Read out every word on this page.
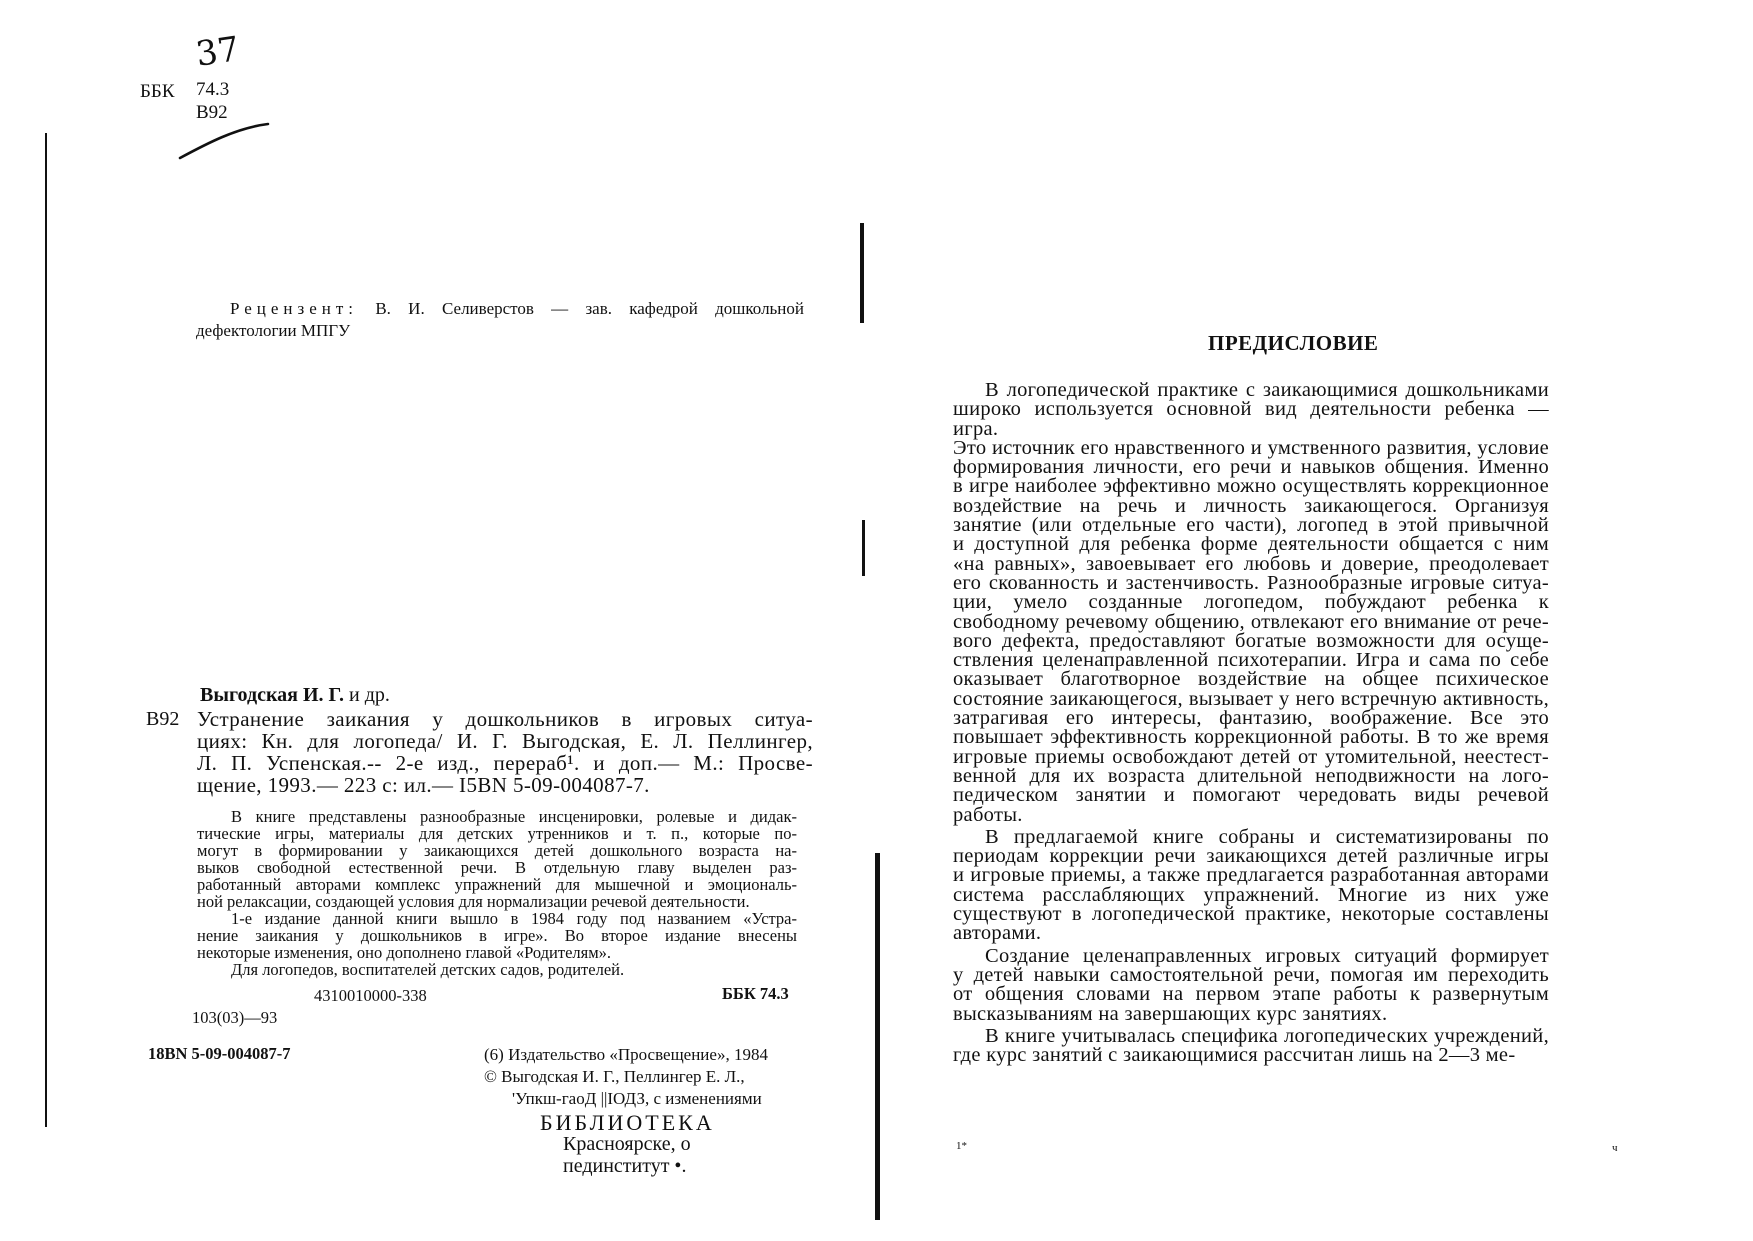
37
ББК 74.3
В92
Рецензент: В. И. Селиверстов — зав. кафедрой дошкольной
дефектологии МПГУ
Выгодская И. Г. и др.
В92 Устранение заикания у дошкольников в игровых ситуа-
циях: Кн. для логопеда/ И. Г. Выгодская, Е. Л. Пеллингер,
Л. П. Успенская.-- 2-е изд., перераб¹. и доп.— М.: Просве-
щение, 1993.— 223 с: ил.— I5BN 5-09-004087-7.
В книге представлены разнообразные инсценировки, ролевые и дидак-
тические игры, материалы для детских утренников и т. п., которые по-
могут в формировании у заикающихся детей дошкольного возраста на-
выков свободной естественной речи. В отдельную главу выделен раз-
работанный авторами комплекс упражнений для мышечной и эмоциональ-
ной релаксации, создающей условия для нормализации речевой деятельности.
1-е издание данной книги вышло в 1984 году под названием «Устра-
нение заикания у дошкольников в игре». Во второе издание внесены
некоторые изменения, оно дополнено главой «Родителям».
Для логопедов, воспитателей детских садов, родителей.
4310010000-338	ББК 74.3
103(03)—93
18BN 5-09-004087-7	(6) Издательство «Просвещение», 1984
© Выгодская И. Г., Пеллингер Е. Л.,
'Упкш-гаоД ||ІОДЗ, с изменениями
БИБЛИОТЕКА
Красноярске, о
пединститут •.
ПРЕДИСЛОВИЕ
В логопедической практике с заикающимися дошкольниками
широко используется основной вид деятельности ребенка — игра.
Это источник его нравственного и умственного развития, условие
формирования личности, его речи и навыков общения. Именно
в игре наиболее эффективно можно осуществлять коррекционное
воздействие на речь и личность заикающегося. Организуя
занятие (или отдельные его части), логопед в этой привычной
и доступной для ребенка форме деятельности общается с ним
«на равных», завоевывает его любовь и доверие, преодолевает
его скованность и застенчивость. Разнообразные игровые ситуа-
ции, умело созданные логопедом, побуждают ребенка к
свободному речевому общению, отвлекают его внимание от рече-
вого дефекта, предоставляют богатые возможности для осуще-
ствления целенаправленной психотерапии. Игра и сама по себе
оказывает благотворное воздействие на общее психическое
состояние заикающегося, вызывает у него встречную активность,
затрагивая его интересы, фантазию, воображение. Все это
повышает эффективность коррекционной работы. В то же время
игровые приемы освобождают детей от утомительной, неестест-
венной для их возраста длительной неподвижности на лого-
педическом занятии и помогают чередовать виды речевой
работы.
В предлагаемой книге собраны и систематизированы по
периодам коррекции речи заикающихся детей различные игры
и игровые приемы, а также предлагается разработанная авторами
система расслабляющих упражнений. Многие из них уже
существуют в логопедической практике, некоторые составлены
авторами.
Создание целенаправленных игровых ситуаций формирует
у детей навыки самостоятельной речи, помогая им переходить
от общения словами на первом этапе работы к развернутым
высказываниям на завершающих курс занятиях.
В книге учитывалась специфика логопедических учреждений,
где курс занятий с заикающимися рассчитан лишь на 2—3 ме-
1*	ч
